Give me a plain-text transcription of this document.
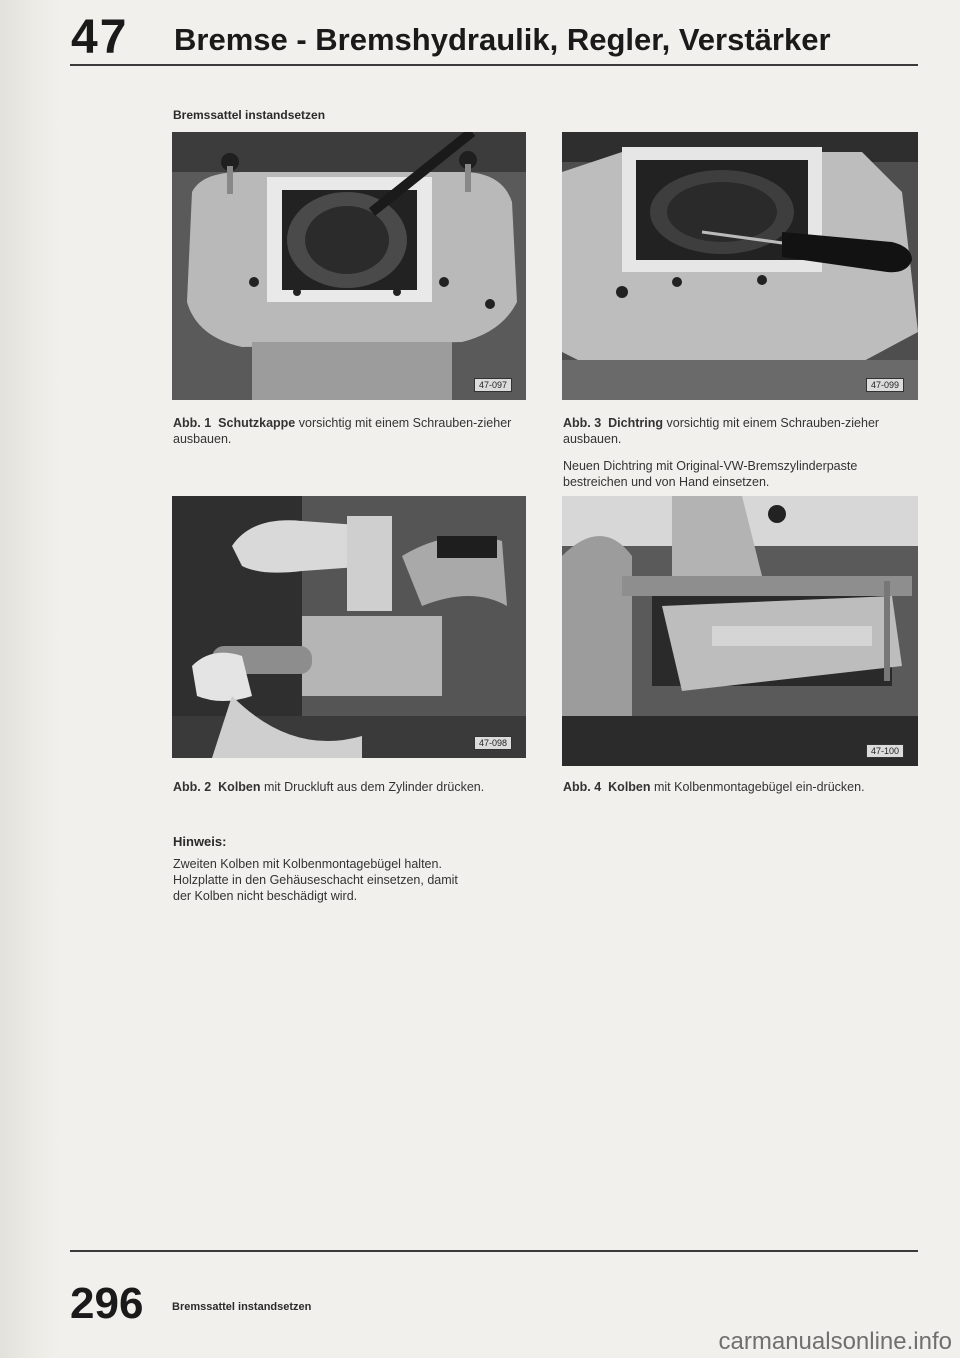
47 Bremse - Bremshydraulik, Regler, Verstärker
Bremssattel instandsetzen
47-097	47-099
47-098
47-100
Abb. 1 Schutzkappe vorsichtig mit einem Schrauben-zieher ausbauen.
Abb. 3 Dichtring vorsichtig mit einem Schrauben-zieher ausbauen.
Neuen Dichtring mit Original-VW-Bremszylinderpaste bestreichen und von Hand einsetzen.
Abb. 2 Kolben mit Druckluft aus dem Zylinder drücken.	Abb. 4 Kolben mit Kolbenmontagebügel ein-drücken.
Hinweis:
Zweiten Kolben mit Kolbenmontagebügel halten.
Holzplatte in den Gehäuseschacht einsetzen, damit
der Kolben nicht beschädigt wird.
296	Bremssattel instandsetzen
carmanualsonline.info
